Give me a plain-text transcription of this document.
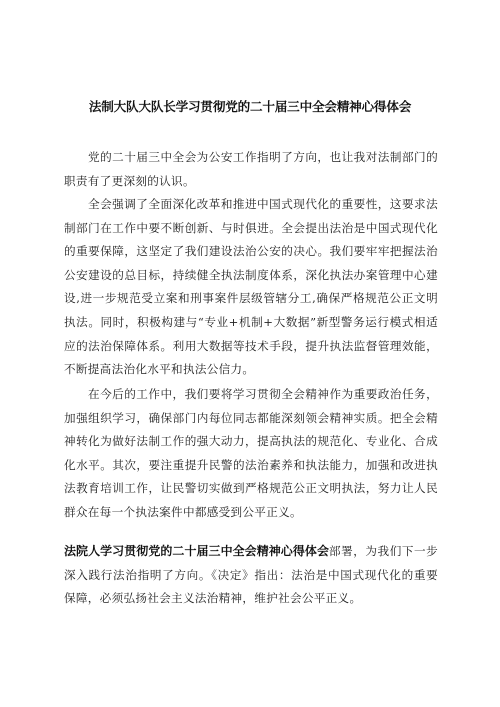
法制大队大队长学习贯彻党的二十届三中全会精神心得体会

党的二十届三中全会为公安工作指明了方向，也让我对法制部门的职责有了更深刻的认识。

全会强调了全面深化改革和推进中国式现代化的重要性，这要求法制部门在工作中要不断创新、与时俱进。全会提出法治是中国式现代化的重要保障，这坚定了我们建设法治公安的决心。我们要牢牢把握法治公安建设的总目标，持续健全执法制度体系，深化执法办案管理中心建设,进一步规范受立案和刑事案件层级管辖分工,确保严格规范公正文明执法。同时，积极构建与“专业+机制+大数据”新型警务运行模式相适应的法治保障体系。利用大数据等技术手段，提升执法监督管理效能，不断提高法治化水平和执法公信力。

在今后的工作中，我们要将学习贯彻全会精神作为重要政治任务，加强组织学习，确保部门内每位同志都能深刻领会精神实质。把全会精神转化为做好法制工作的强大动力，提高执法的规范化、专业化、合成化水平。其次，要注重提升民警的法治素养和执法能力，加强和改进执法教育培训工作，让民警切实做到严格规范公正文明执法，努力让人民群众在每一个执法案件中都感受到公平正义。

法院人学习贯彻党的二十届三中全会精神心得体会部署，为我们下一步深入践行法治指明了方向。《决定》指出：法治是中国式现代化的重要保障，必须弘扬社会主义法治精神，维护社会公平正义。
